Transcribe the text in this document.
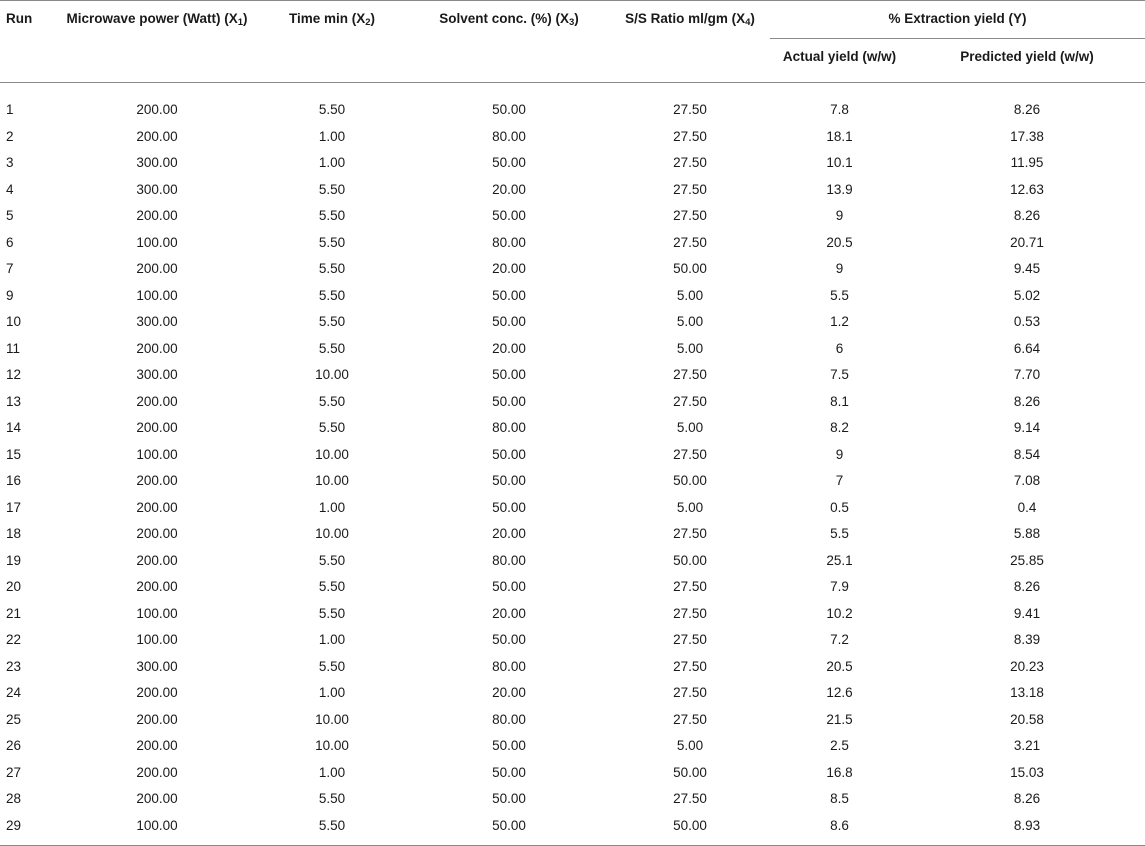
Run	Microwave power (Watt) $(X_1)$	Time $\min (X_2)$	Solvent conc. (%) $(X_3)$	S/S Ratio ml/gm $(X_4)$	% Extraction yield (Y)	
					Actual yield (w/w)	Predicted yield (w/w)
1	200.00	5.50	50.00	27.50	7.8	8.26
2	200.00	1.00	80.00	27.50	18.1	17.38
3	300.00	1.00	50.00	27.50	10.1	11.95
4	300.00	5.50	20.00	27.50	13.9	12.63
5	200.00	5.50	50.00	27.50	9	8.26
6	100.00	5.50	80.00	27.50	20.5	20.71
7	200.00	5.50	20.00	50.00	9	9.45
9	100.00	5.50	50.00	5.00	5.5	5.02
10	300.00	5.50	50.00	5.00	1.2	0.53
11	200.00	5.50	20.00	5.00	6	6.64
12	300.00	10.00	50.00	27.50	7.5	7.70
13	200.00	5.50	50.00	27.50	8.1	8.26
14	200.00	5.50	80.00	5.00	8.2	9.14
15	100.00	10.00	50.00	27.50	9	8.54
16	200.00	10.00	50.00	50.00	7	7.08
17	200.00	1.00	50.00	5.00	0.5	0.4
18	200.00	10.00	20.00	27.50	5.5	5.88
19	200.00	5.50	80.00	50.00	25.1	25.85
20	200.00	5.50	50.00	27.50	7.9	8.26
21	100.00	5.50	20.00	27.50	10.2	9.41
22	100.00	1.00	50.00	27.50	7.2	8.39
23	300.00	5.50	80.00	27.50	20.5	20.23
24	200.00	1.00	20.00	27.50	12.6	13.18
25	200.00	10.00	80.00	27.50	21.5	20.58
26	200.00	10.00	50.00	5.00	2.5	3.21
27	200.00	1.00	50.00	50.00	16.8	15.03
28	200.00	5.50	50.00	27.50	8.5	8.26
29	100.00	5.50	50.00	50.00	8.6	8.93
